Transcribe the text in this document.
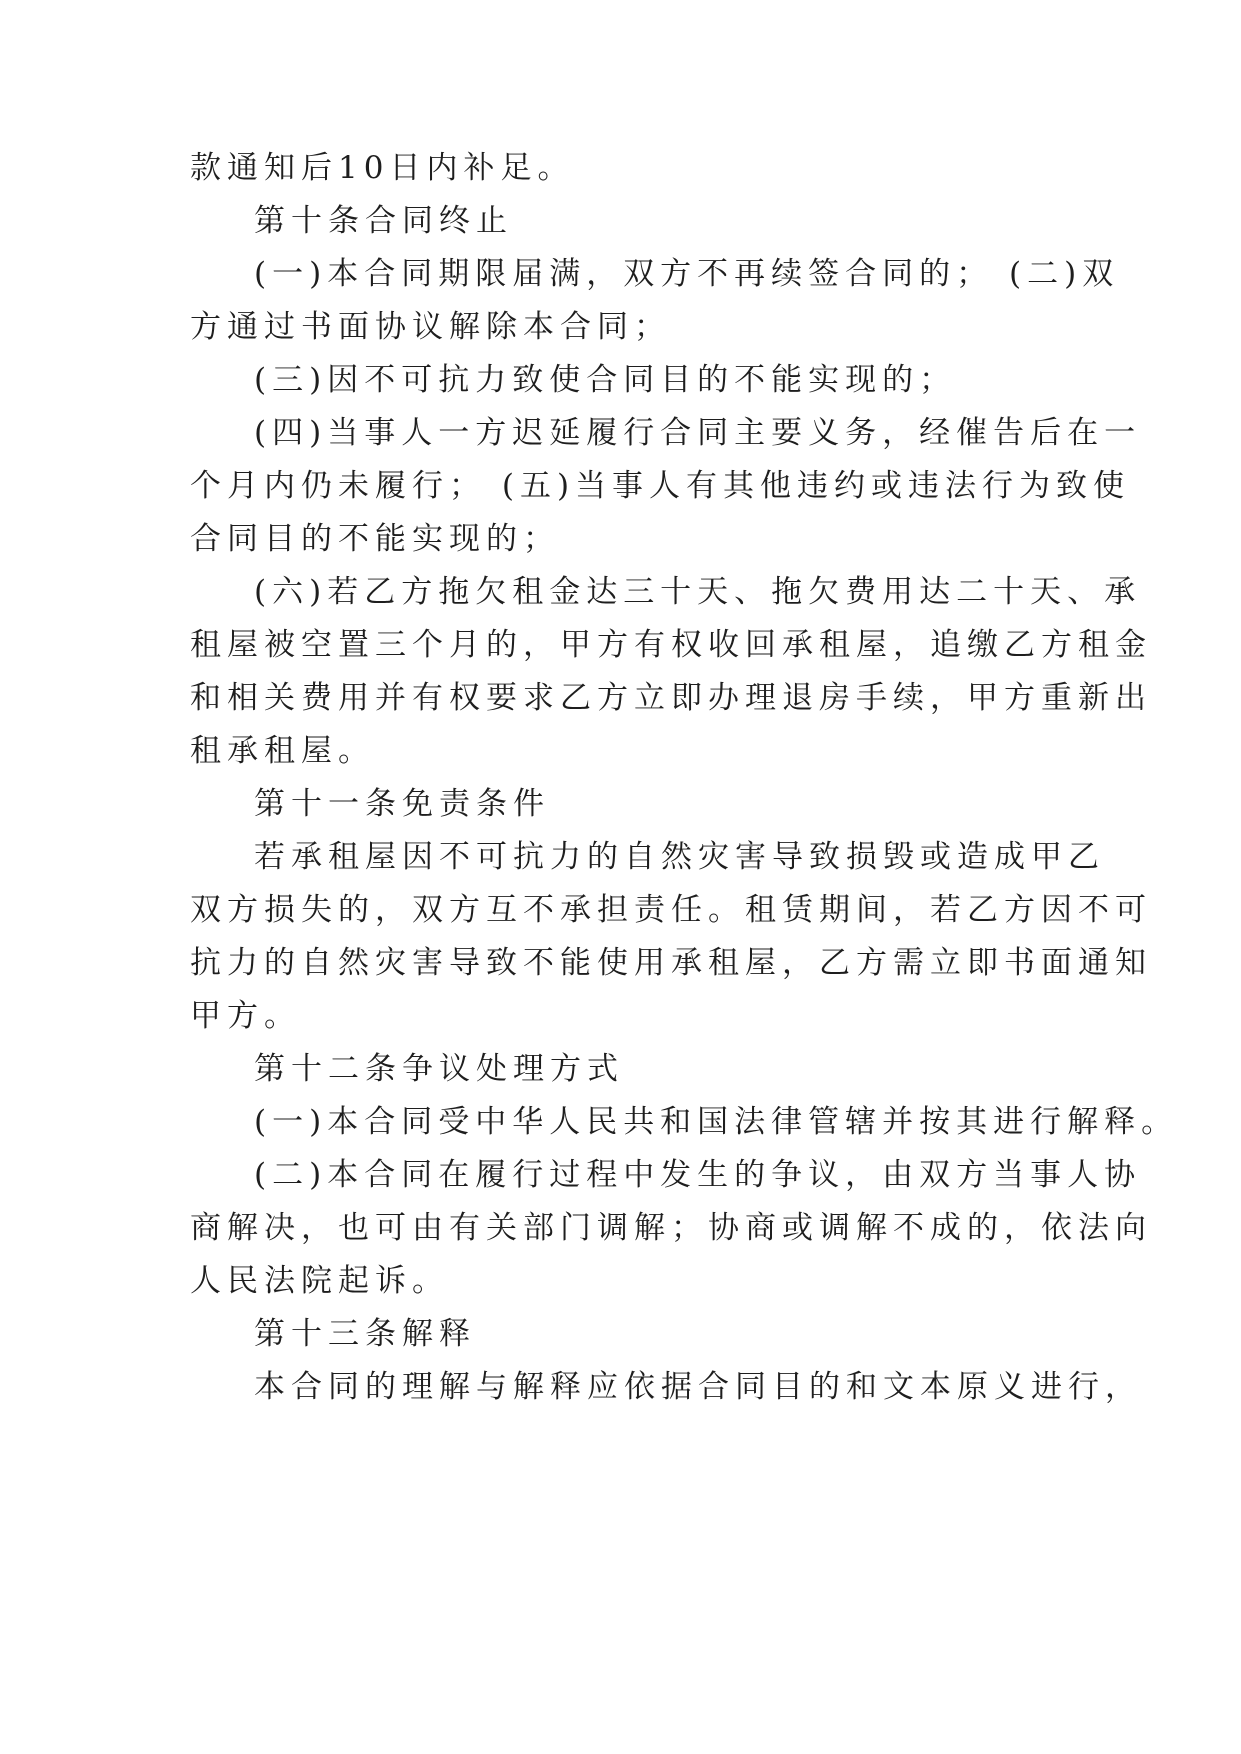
款通知后10日内补足。
第十条合同终止
(一)本合同期限届满，双方不再续签合同的； (二)双
方通过书面协议解除本合同；
(三)因不可抗力致使合同目的不能实现的；
(四)当事人一方迟延履行合同主要义务，经催告后在一
个月内仍未履行； (五)当事人有其他违约或违法行为致使
合同目的不能实现的；
(六)若乙方拖欠租金达三十天、拖欠费用达二十天、承
租屋被空置三个月的，甲方有权收回承租屋，追缴乙方租金
和相关费用并有权要求乙方立即办理退房手续，甲方重新出
租承租屋。
第十一条免责条件
若承租屋因不可抗力的自然灾害导致损毁或造成甲乙
双方损失的，双方互不承担责任。租赁期间，若乙方因不可
抗力的自然灾害导致不能使用承租屋，乙方需立即书面通知
甲方。
第十二条争议处理方式
(一)本合同受中华人民共和国法律管辖并按其进行解释。
(二)本合同在履行过程中发生的争议，由双方当事人协
商解决，也可由有关部门调解；协商或调解不成的，依法向
人民法院起诉。
第十三条解释
本合同的理解与解释应依据合同目的和文本原义进行，
